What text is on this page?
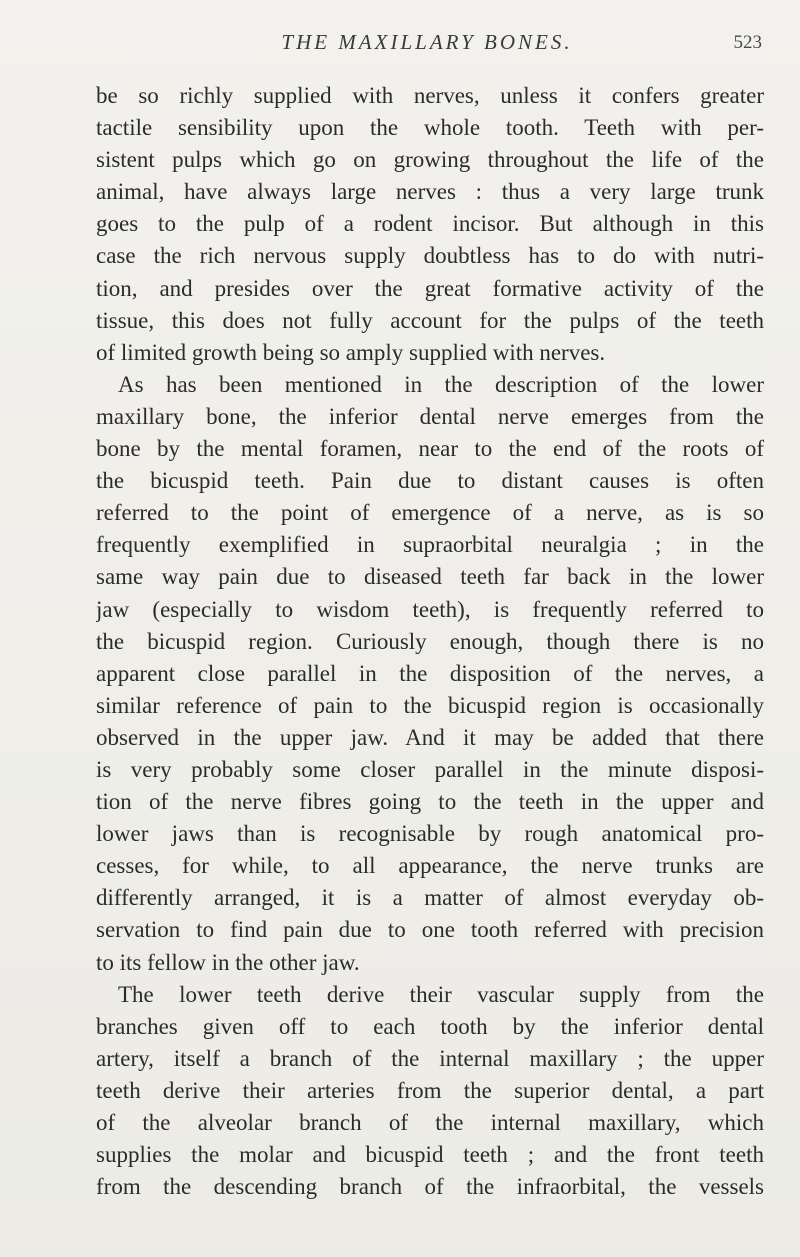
THE MAXILLARY BONES.	523
be so richly supplied with nerves, unless it confers greater
tactile sensibility upon the whole tooth. Teeth with per-
sistent pulps which go on growing throughout the life of the
animal, have always large nerves : thus a very large trunk
goes to the pulp of a rodent incisor. But although in this
case the rich nervous supply doubtless has to do with nutri-
tion, and presides over the great formative activity of the
tissue, this does not fully account for the pulps of the teeth
of limited growth being so amply supplied with nerves.
As has been mentioned in the description of the lower
maxillary bone, the inferior dental nerve emerges from the
bone by the mental foramen, near to the end of the roots of
the bicuspid teeth. Pain due to distant causes is often
referred to the point of emergence of a nerve, as is so
frequently exemplified in supraorbital neuralgia ; in the
same way pain due to diseased teeth far back in the lower
jaw (especially to wisdom teeth), is frequently referred to
the bicuspid region. Curiously enough, though there is no
apparent close parallel in the disposition of the nerves, a
similar reference of pain to the bicuspid region is occasionally
observed in the upper jaw. And it may be added that there
is very probably some closer parallel in the minute disposi-
tion of the nerve fibres going to the teeth in the upper and
lower jaws than is recognisable by rough anatomical pro-
cesses, for while, to all appearance, the nerve trunks are
differently arranged, it is a matter of almost everyday ob-
servation to find pain due to one tooth referred with precision
to its fellow in the other jaw.
The lower teeth derive their vascular supply from the
branches given off to each tooth by the inferior dental
artery, itself a branch of the internal maxillary ; the upper
teeth derive their arteries from the superior dental, a part
of the alveolar branch of the internal maxillary, which
supplies the molar and bicuspid teeth ; and the front teeth
from the descending branch of the infraorbital, the vessels
